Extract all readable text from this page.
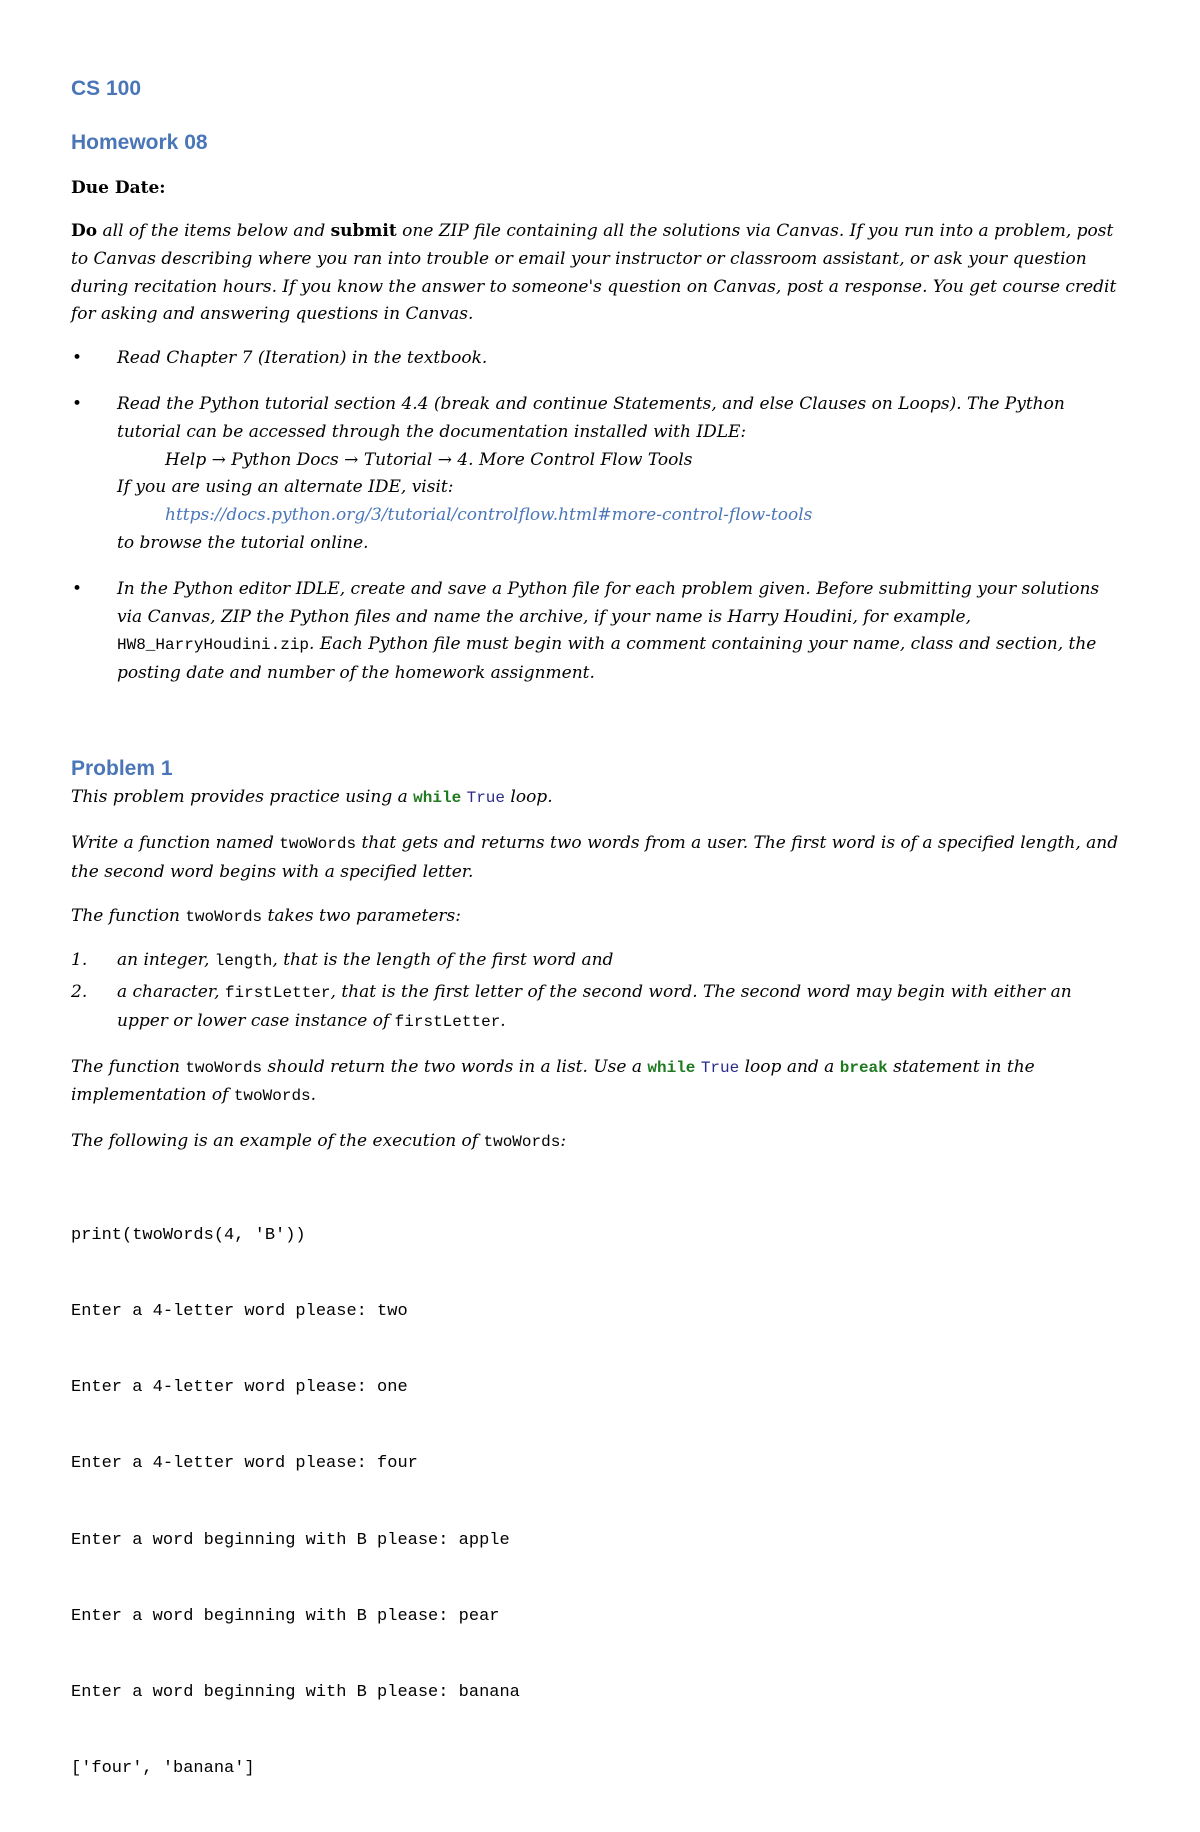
CS 100
Homework 08
Due Date:

Do all of the items below and submit one ZIP file containing all the solutions via Canvas. If you run into a problem, post to Canvas describing where you ran into trouble or email your instructor or classroom assistant, or ask your question during recitation hours. If you know the answer to someone's question on Canvas, post a response. You get course credit for asking and answering questions in Canvas.

• Read Chapter 7 (Iteration) in the textbook.
• Read the Python tutorial section 4.4 (break and continue Statements, and else Clauses on Loops). The Python tutorial can be accessed through the documentation installed with IDLE:
Help → Python Docs → Tutorial → 4. More Control Flow Tools
If you are using an alternate IDE, visit:
https://docs.python.org/3/tutorial/controlflow.html#more-control-flow-tools
to browse the tutorial online.
• In the Python editor IDLE, create and save a Python file for each problem given. Before submitting your solutions via Canvas, ZIP the Python files and name the archive, if your name is Harry Houdini, for example, HW8_HarryHoudini.zip. Each Python file must begin with a comment containing your name, class and section, the posting date and number of the homework assignment.
Problem 1

This problem provides practice using a while True loop.

Write a function named twoWords that gets and returns two words from a user. The first word is of a specified length, and the second word begins with a specified letter.

The function twoWords takes two parameters:

1. an integer, length, that is the length of the first word and
2. a character, firstLetter, that is the first letter of the second word. The second word may begin with either an upper or lower case instance of firstLetter.

The function twoWords should return the two words in a list. Use a while True loop and a break statement in the implementation of twoWords.

The following is an example of the execution of twoWords:

print(twoWords(4, 'B'))

Enter a 4-letter word please: two

Enter a 4-letter word please: one

Enter a 4-letter word please: four

Enter a word beginning with B please: apple

Enter a word beginning with B please: pear

Enter a word beginning with B please: banana

['four', 'banana']
